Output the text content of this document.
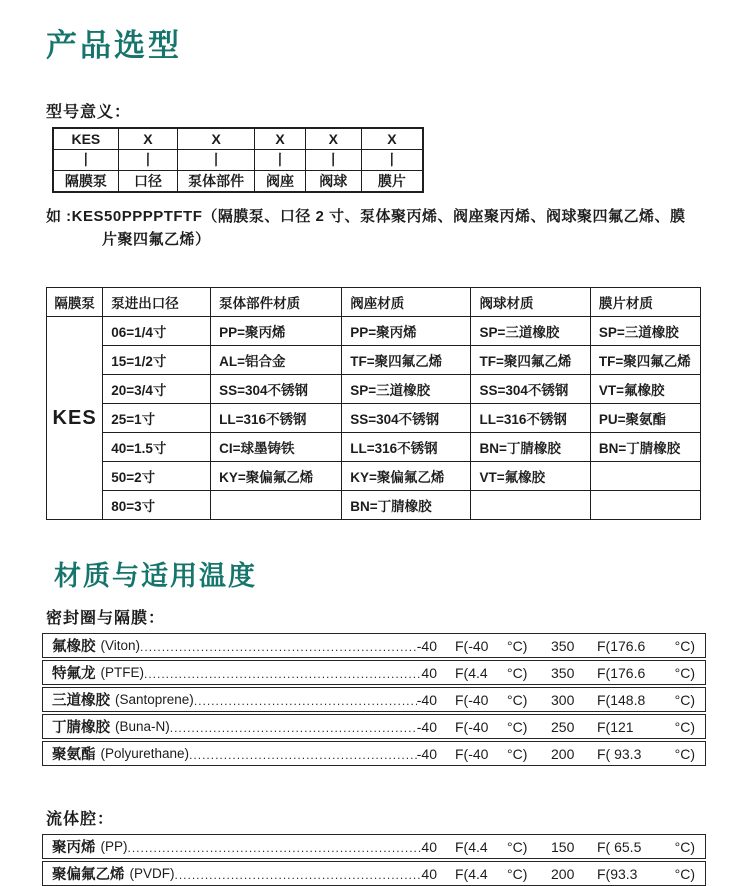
产品选型
型号意义：
KES	X	X	X	X	X
丨	丨	丨	丨	丨	丨
隔膜泵	口径	泵体部件	阀座	阀球	膜片
如 :KES50PPPPTFTF（隔膜泵、口径 2 寸、泵体聚丙烯、阀座聚丙烯、阀球聚四氟乙烯、膜
片聚四氟乙烯）
隔膜泵	泵进出口径	泵体部件材质	阀座材质	阀球材质	膜片材质
KES	06=1/4寸	PP=聚丙烯	PP=聚丙烯	SP=三道橡胶	SP=三道橡胶
	15=1/2寸	AL=铝合金	TF=聚四氟乙烯	TF=聚四氟乙烯	TF=聚四氟乙烯
	20=3/4寸	SS=304不锈钢	SP=三道橡胶	SS=304不锈钢	VT=氟橡胶
	25=1寸	LL=316不锈钢	SS=304不锈钢	LL=316不锈钢	PU=聚氨酯
	40=1.5寸	CI=球墨铸铁	LL=316不锈钢	BN=丁腈橡胶	BN=丁腈橡胶
	50=2寸	KY=聚偏氟乙烯	KY=聚偏氟乙烯	VT=氟橡胶	
	80=3寸		BN=丁腈橡胶		
材质与适用温度
密封圈与隔膜：
氟橡胶 (Viton) .....	-40 F(-40	°C)	350	F(176.6	°C)
特氟龙 (PTFE) .....	40 F(4.4	°C)	350	F(176.6	°C)
三道橡胶 (Santoprene) .....	-40 F(-40	°C)	300	F(148.8	°C)
丁腈橡胶 (Buna-N) .....	-40 F(-40	°C)	250	F(121	°C)
聚氨酯 (Polyurethane) .....	-40 F(-40	°C)	200	F( 93.3	°C)
流体腔：
聚丙烯 (PP) .....	40 F(4.4	°C)	150	F( 65.5	°C)
聚偏氟乙烯 (PVDF) .....	40 F(4.4	°C)	200	F(93.3	°C)
